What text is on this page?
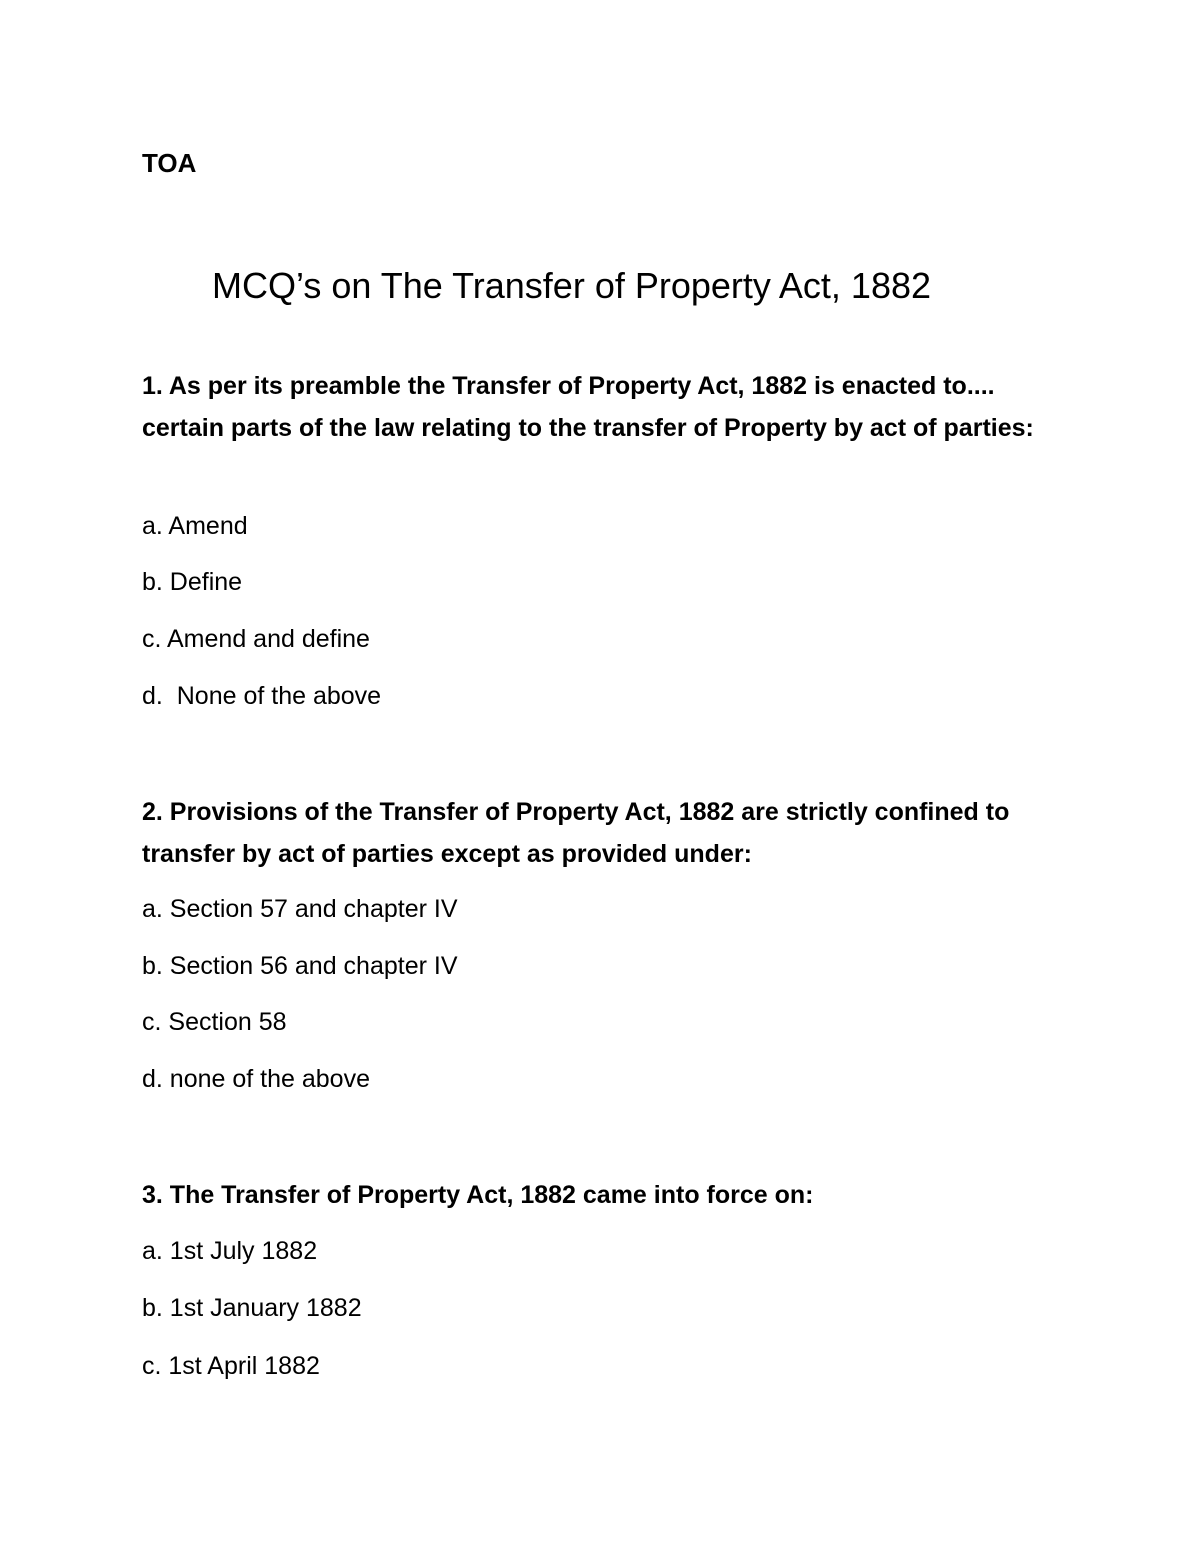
TOA
MCQ’s on The Transfer of Property Act, 1882
1. As per its preamble the Transfer of Property Act, 1882 is enacted to.... certain parts of the law relating to the transfer of Property by act of parties:
a. Amend
b. Define
c. Amend and define
d.  None of the above
2. Provisions of the Transfer of Property Act, 1882 are strictly confined to transfer by act of parties except as provided under:
a. Section 57 and chapter IV
b. Section 56 and chapter IV
c. Section 58
d. none of the above
3. The Transfer of Property Act, 1882 came into force on:
a. 1st July 1882
b. 1st January 1882
c. 1st April 1882
